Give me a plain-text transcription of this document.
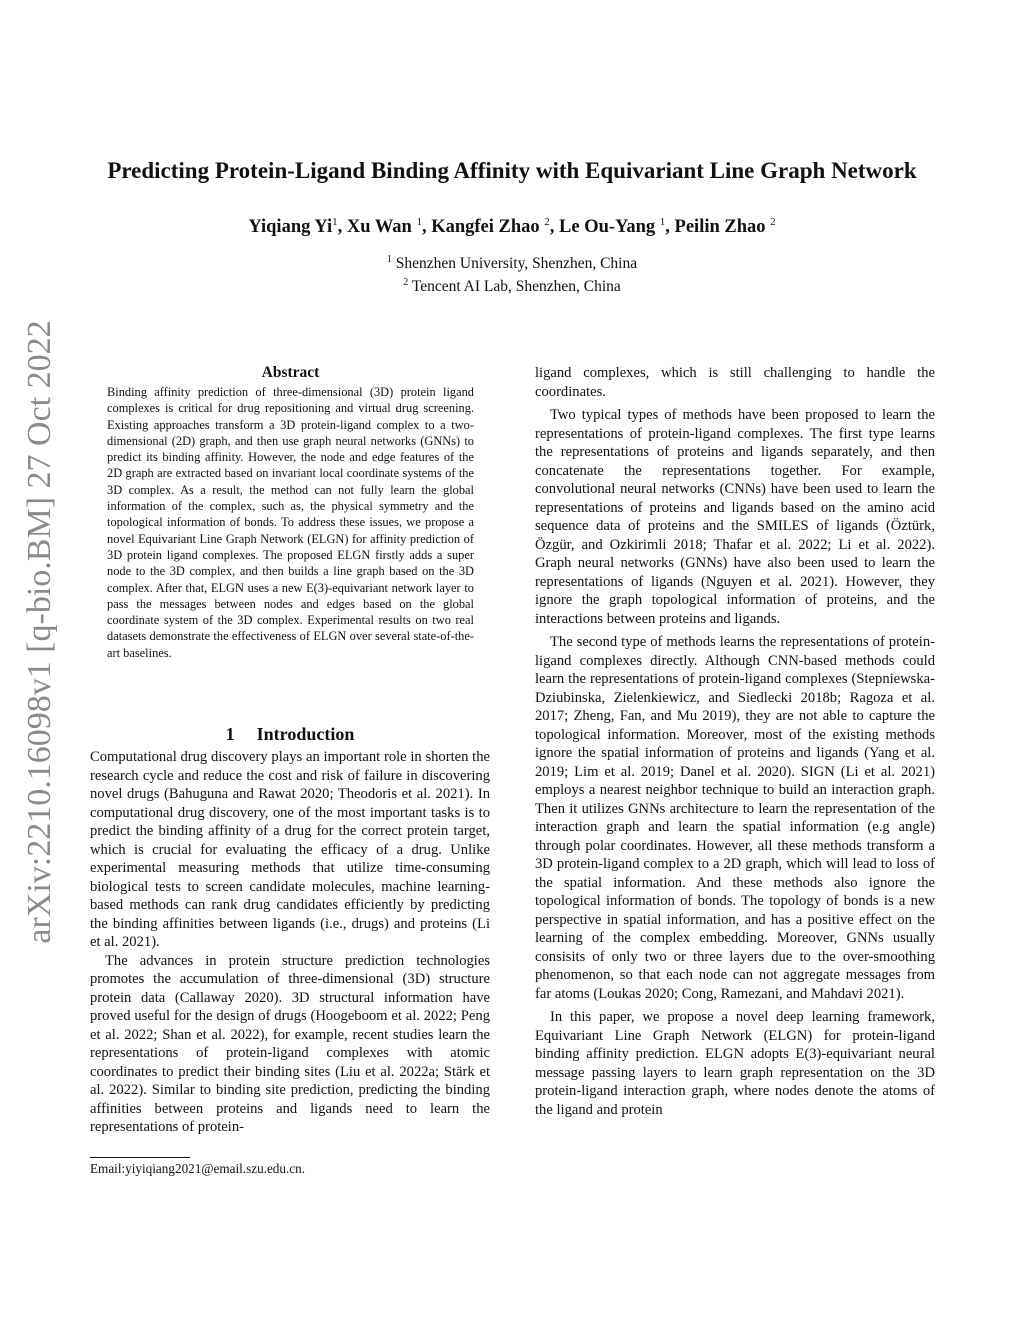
arXiv:2210.16098v1 [q-bio.BM] 27 Oct 2022
Predicting Protein-Ligand Binding Affinity with Equivariant Line Graph Network
Yiqiang Yi$^1$, Xu Wan $^1$, Kangfei Zhao $^2$, Le Ou-Yang $^1$, Peilin Zhao $^2$
$^1$ Shenzhen University, Shenzhen, China
$^2$ Tencent AI Lab, Shenzhen, China
Abstract

Binding affinity prediction of three-dimensional (3D) protein ligand complexes is critical for drug repositioning and virtual drug screening. Existing approaches transform a 3D protein-ligand complex to a two-dimensional (2D) graph, and then use graph neural networks (GNNs) to predict its binding affinity. However, the node and edge features of the 2D graph are extracted based on invariant local coordinate systems of the 3D complex. As a result, the method can not fully learn the global information of the complex, such as, the physical symmetry and the topological information of bonds. To address these issues, we propose a novel Equivariant Line Graph Network (ELGN) for affinity prediction of 3D protein ligand complexes. The proposed ELGN firstly adds a super node to the 3D complex, and then builds a line graph based on the 3D complex. After that, ELGN uses a new E(3)-equivariant network layer to pass the messages between nodes and edges based on the global coordinate system of the 3D complex. Experimental results on two real datasets demonstrate the effectiveness of ELGN over several state-of-the-art baselines.

1 Introduction

Computational drug discovery plays an important role in shorten the research cycle and reduce the cost and risk of failure in discovering novel drugs (Bahuguna and Rawat 2020; Theodoris et al. 2021). In computational drug discovery, one of the most important tasks is to predict the binding affinity of a drug for the correct protein target, which is crucial for evaluating the efficacy of a drug. Unlike experimental measuring methods that utilize time-consuming biological tests to screen candidate molecules, machine learning-based methods can rank drug candidates efficiently by predicting the binding affinities between ligands (i.e., drugs) and proteins (Li et al. 2021).

The advances in protein structure prediction technologies promotes the accumulation of three-dimensional (3D) structure protein data (Callaway 2020). 3D structural information have proved useful for the design of drugs (Hoogeboom et al. 2022; Peng et al. 2022; Shan et al. 2022), for example, recent studies learn the representations of protein-ligand complexes with atomic coordinates to predict their binding sites (Liu et al. 2022a; Stärk et al. 2022). Similar to binding site prediction, predicting the binding affinities between proteins and ligands need to learn the representations of protein-

ligand complexes, which is still challenging to handle the coordinates.

Two typical types of methods have been proposed to learn the representations of protein-ligand complexes. The first type learns the representations of proteins and ligands separately, and then concatenate the representations together. For example, convolutional neural networks (CNNs) have been used to learn the representations of proteins and ligands based on the amino acid sequence data of proteins and the SMILES of ligands (Öztürk, Özgür, and Ozkirimli 2018; Thafar et al. 2022; Li et al. 2022). Graph neural networks (GNNs) have also been used to learn the representations of ligands (Nguyen et al. 2021). However, they ignore the graph topological information of proteins, and the interactions between proteins and ligands.

The second type of methods learns the representations of protein-ligand complexes directly. Although CNN-based methods could learn the representations of protein-ligand complexes (Stepniewska-Dziubinska, Zielenkiewicz, and Siedlecki 2018b; Ragoza et al. 2017; Zheng, Fan, and Mu 2019), they are not able to capture the topological information. Moreover, most of the existing methods ignore the spatial information of proteins and ligands (Yang et al. 2019; Lim et al. 2019; Danel et al. 2020). SIGN (Li et al. 2021) employs a nearest neighbor technique to build an interaction graph. Then it utilizes GNNs architecture to learn the representation of the interaction graph and learn the spatial information (e.g angle) through polar coordinates. However, all these methods transform a 3D protein-ligand complex to a 2D graph, which will lead to loss of the spatial information. And these methods also ignore the topological information of bonds. The topology of bonds is a new perspective in spatial information, and has a positive effect on the learning of the complex embedding. Moreover, GNNs usually consisits of only two or three layers due to the over-smoothing phenomenon, so that each node can not aggregate messages from far atoms (Loukas 2020; Cong, Ramezani, and Mahdavi 2021).

In this paper, we propose a novel deep learning framework, Equivariant Line Graph Network (ELGN) for protein-ligand binding affinity prediction. ELGN adopts E(3)-equivariant neural message passing layers to learn graph representation on the 3D protein-ligand interaction graph, where nodes denote the atoms of the ligand and protein

Email:yiyiqiang2021@email.szu.edu.cn.
